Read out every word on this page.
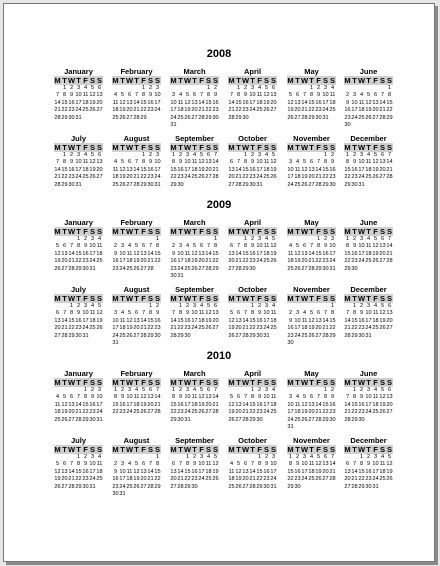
2008
January
M T W T F S S
1 2 3 4 5 6
7 8 9 10 11 12 13
14 15 16 17 18 19 20
21 22 23 24 25 26 27
28 29 30 31
February
M T W T F S S
1 2 3
4 5 6 7 8 9 10
11 12 13 14 15 16 17
18 19 20 21 22 23 24
25 26 27 28 29
March
M T W T F S S
1 2
3 4 5 6 7 8 9
10 11 12 13 14 15 16
17 18 19 20 21 22 23
24 25 26 27 28 29 30
31
April
M T W T F S S
1 2 3 4 5 6
7 8 9 10 11 12 13
14 15 16 17 18 19 20
21 22 23 24 25 26 27
28 29 30
May
M T W T F S S
1 2 3 4
5 6 7 8 9 10 11
12 13 14 15 16 17 18
19 20 21 22 23 24 25
26 27 28 29 30 31
June
M T W T F S S
1
2 3 4 5 6 7 8
9 10 11 12 13 14 15
16 17 18 19 20 21 22
23 24 25 26 27 28 29
30
July
M T W T F S S
1 2 3 4 5 6
7 8 9 10 11 12 13
14 15 16 17 18 19 20
21 22 23 24 25 26 27
28 29 30 31
August
M T W T F S S
1 2 3
4 5 6 7 8 9 10
11 12 13 14 15 16 17
18 19 20 21 22 23 24
25 26 27 28 29 30 31
September
M T W T F S S
1 2 3 4 5 6 7
8 9 10 11 12 13 14
15 16 17 18 19 20 21
22 23 24 25 26 27 28
29 30
October
M T W T F S S
1 2 3 4 5
6 7 8 9 10 11 12
13 14 15 16 17 18 19
20 21 22 23 24 25 26
27 28 29 30 31
November
M T W T F S S
1 2
3 4 5 6 7 8 9
10 11 12 13 14 15 16
17 18 19 20 21 22 23
24 25 26 27 28 29 30
December
M T W T F S S
1 2 3 4 5 6 7
8 9 10 11 12 13 14
15 16 17 18 19 20 21
22 23 24 25 26 27 28
29 30 31
2009
January
M T W T F S S
1 2 3 4
5 6 7 8 9 10 11
12 13 14 15 16 17 18
19 20 21 22 23 24 25
26 27 28 29 30 31
February
M T W T F S S
1
2 3 4 5 6 7 8
9 10 11 12 13 14 15
16 17 18 19 20 21 22
23 24 25 26 27 28
March
M T W T F S S
1
2 3 4 5 6 7 8
9 10 11 12 13 14 15
16 17 18 19 20 21 22
23 24 25 26 27 28 29
30 31
April
M T W T F S S
1 2 3 4 5
6 7 8 9 10 11 12
13 14 15 16 17 18 19
20 21 22 23 24 25 26
27 28 29 30
May
M T W T F S S
1 2 3
4 5 6 7 8 9 10
11 12 13 14 15 16 17
18 19 20 21 22 23 24
25 26 27 28 29 30 31
June
M T W T F S S
1 2 3 4 5 6 7
8 9 10 11 12 13 14
15 16 17 18 19 20 21
22 23 24 25 26 27 28
29 30
July
M T W T F S S
1 2 3 4 5
6 7 8 9 10 11 12
13 14 15 16 17 18 19
20 21 22 23 24 25 26
27 28 29 30 31
August
M T W T F S S
1 2
3 4 5 6 7 8 9
10 11 12 13 14 15 16
17 18 19 20 21 22 23
24 25 26 27 28 29 30
31
September
M T W T F S S
1 2 3 4 5 6
7 8 9 10 11 12 13
14 15 16 17 18 19 20
21 22 23 24 25 26 27
28 29 30
October
M T W T F S S
1 2 3 4
5 6 7 8 9 10 11
12 13 14 15 16 17 18
19 20 21 22 23 24 25
26 27 28 29 30 31
November
M T W T F S S
1
2 3 4 5 6 7 8
9 10 11 12 13 14 15
16 17 18 19 20 21 22
23 24 25 26 27 28 29
30
December
M T W T F S S
1 2 3 4 5 6
7 8 9 10 11 12 13
14 15 16 17 18 19 20
21 22 23 24 25 26 27
28 29 30 31
2010
January
M T W T F S S
1 2 3
4 5 6 7 8 9 10
11 12 13 14 15 16 17
18 19 20 21 22 23 24
25 26 27 28 29 30 31
February
M T W T F S S
1 2 3 4 5 6 7
8 9 10 11 12 13 14
15 16 17 18 19 20 21
22 23 24 25 26 27 28
March
M T W T F S S
1 2 3 4 5 6 7
8 9 10 11 12 13 14
15 16 17 18 19 20 21
22 23 24 25 26 27 28
29 30 31
April
M T W T F S S
1 2 3 4
5 6 7 8 9 10 11
12 13 14 15 16 17 18
19 20 21 22 23 24 25
26 27 28 29 30
May
M T W T F S S
1 2
3 4 5 6 7 8 9
10 11 12 13 14 15 16
17 18 19 20 21 22 23
24 25 26 27 28 29 30
31
June
M T W T F S S
1 2 3 4 5 6
7 8 9 10 11 12 13
14 15 16 17 18 19 20
21 22 23 24 25 26 27
28 29 30
July
M T W T F S S
1 2 3 4
5 6 7 8 9 10 11
12 13 14 15 16 17 18
19 20 21 22 23 24 25
26 27 28 29 30 31
August
M T W T F S S
1
2 3 4 5 6 7 8
9 10 11 12 13 14 15
16 17 18 19 20 21 22
23 24 25 26 27 28 29
30 31
September
M T W T F S S
1 2 3 4 5
6 7 8 9 10 11 12
13 14 15 16 17 18 19
20 21 22 23 24 25 26
27 28 29 30
October
M T W T F S S
1 2 3
4 5 6 7 8 9 10
11 12 13 14 15 16 17
18 19 20 21 22 23 24
25 26 27 28 29 30 31
November
M T W T F S S
1 2 3 4 5 6 7
8 9 10 11 12 13 14
15 16 17 18 19 20 21
22 23 24 25 26 27 28
29 30
December
M T W T F S S
1 2 3 4 5
6 7 8 9 10 11 12
13 14 15 16 17 18 19
20 21 22 23 24 25 26
27 28 29 30 31
